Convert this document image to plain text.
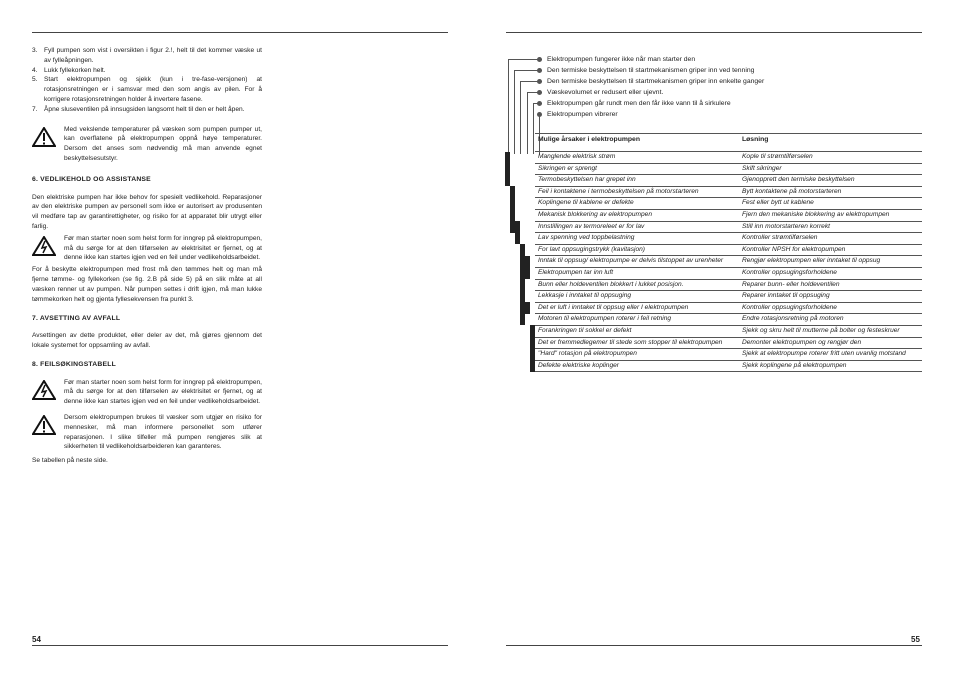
54	55
3. Fyll pumpen som vist i oversikten i figur 2.!, helt til det kommer væske ut av fylleåpningen.
4. Lukk fyllekorken helt.
5. Start elektropumpen og sjekk (kun i tre-fase-versjonen) at rotasjonsretningen er i samsvar med den som angis av pilen. For å korrigere rotasjonsretningen holder å invertere fasene.
7. Åpne sluseventilen på innsugsiden langsomt helt til den er helt åpen.

Med vekslende temperaturer på væsken som pumpen pumper ut, kan overflatene på elektropumpen oppnå høye temperaturer. Dersom det anses som nødvendig må man anvende egnet beskyttelsesutstyr.

6. VEDLIKEHOLD OG ASSISTANSE

Den elektriske pumpen har ikke behov for spesielt vedlikehold. Reparasjoner av den elektriske pumpen av personell som ikke er autorisert av produsenten vil medføre tap av garantirettigheter, og risiko for at apparatet blir utrygt eller farlig.

Før man starter noen som helst form for inngrep på elektropumpen, må du sørge for at den tilførselen av elektrisitet er fjernet, og at denne ikke kan startes igjen ved en feil under vedlikeholdsarbeidet.

For å beskytte elektropumpen med frost må den tømmes helt og man må fjerne tømme- og fyllekorken (se fig. 2.B på side 5) på en slik måte at all væsken renner ut av pumpen. Når pumpen settes i drift igjen, må man lukke tømmekorken helt og gjenta fyllesekvensen fra punkt 3.

7. AVSETTING AV AVFALL

Avsettingen av dette produktet, eller deler av det, må gjøres gjennom det lokale systemet for oppsamling av avfall.

8. FEILSØKINGSTABELL

Før man starter noen som helst form for inngrep på elektropumpen, må du sørge for at den tilførselen av elektrisitet er fjernet, og at denne ikke kan startes igjen ved en feil under vedlikeholdsarbeidet.

Dersom elektropumpen brukes til væsker som utgjør en risiko for mennesker, må man informere personellet som utfører reparasjonen. I slike tilfeller må pumpen rengjøres slik at sikkerheten til vedlikeholdsarbeideren kan garanteres.

Se tabellen på neste side.

Elektropumpen fungerer ikke når man starter den
Den termiske beskyttelsen til startmekanismen griper inn ved tenning
Den termiske beskyttelsen til startmekanismen griper inn enkelte ganger
Væskevolumet er redusert eller ujevnt.
Elektropumpen går rundt men den får ikke vann til å sirkulere
Elektropumpen vibrerer
						Mulige årsaker i elektropumpen	Løsning

						Manglende elektrisk strøm	Kople til strømtilførselen

						Sikringen er sprengt	Skift sikringer

						Termobeskyttelsen har grepet inn	Gjenopprett den termiske beskyttelsen

					Feil i kontaktene i termobeskyttelsen på motorstarteren	Bytt kontaktene på motorstarteren

					Koplingene til kablene er defekte	Fest eller bytt ut kablene

					Mekanisk blokkering av elektropumpen	Fjern den mekaniske blokkering av elektropumpen

				Innstillingen av termoreleet er for lav	Still inn motorstarteren korrekt

				Lav spenning ved toppbelastning	Kontroller strømtilførselen

			For lavt oppsugingstrykk (kavitasjon)	Kontroller NPSH for elektropumpen

		Inntak til oppsug/ elektropumpe er delvis tilstoppet av urenheter	Rengjør elektropumpen eller inntaket til oppsug

		Elektropumpen tar inn luft	Kontroller oppsugingsforholdene

			Bunn eller holdeventilen blokkert i lukket posisjon.	Reparer bunn- eller holdeventilen

			Lekkasje i inntaket til oppsuging	Reparer inntaket til oppsuging

		Det er luft i inntaket til oppsug eller I elektropumpen	Kontroller oppsugingsforholdene

			Motoren til elektropumpen roterer i feil retning	Endre rotasjonsretning på motoren

	Forankringen til sokkel er defekt	Sjekk og skru helt til mutterne på bolter og festeskruer

	Det er fremmedlegemer til stede som stopper til elektropumpen	Demonter elektropumpen og rengjør den

	"Hard" rotasjon på elektropumpen	Sjekk at elektropumpe roterer fritt uten uvanlig motstand

	Defekte elektriske koplinger	Sjekk koplingene på elektropumpen
